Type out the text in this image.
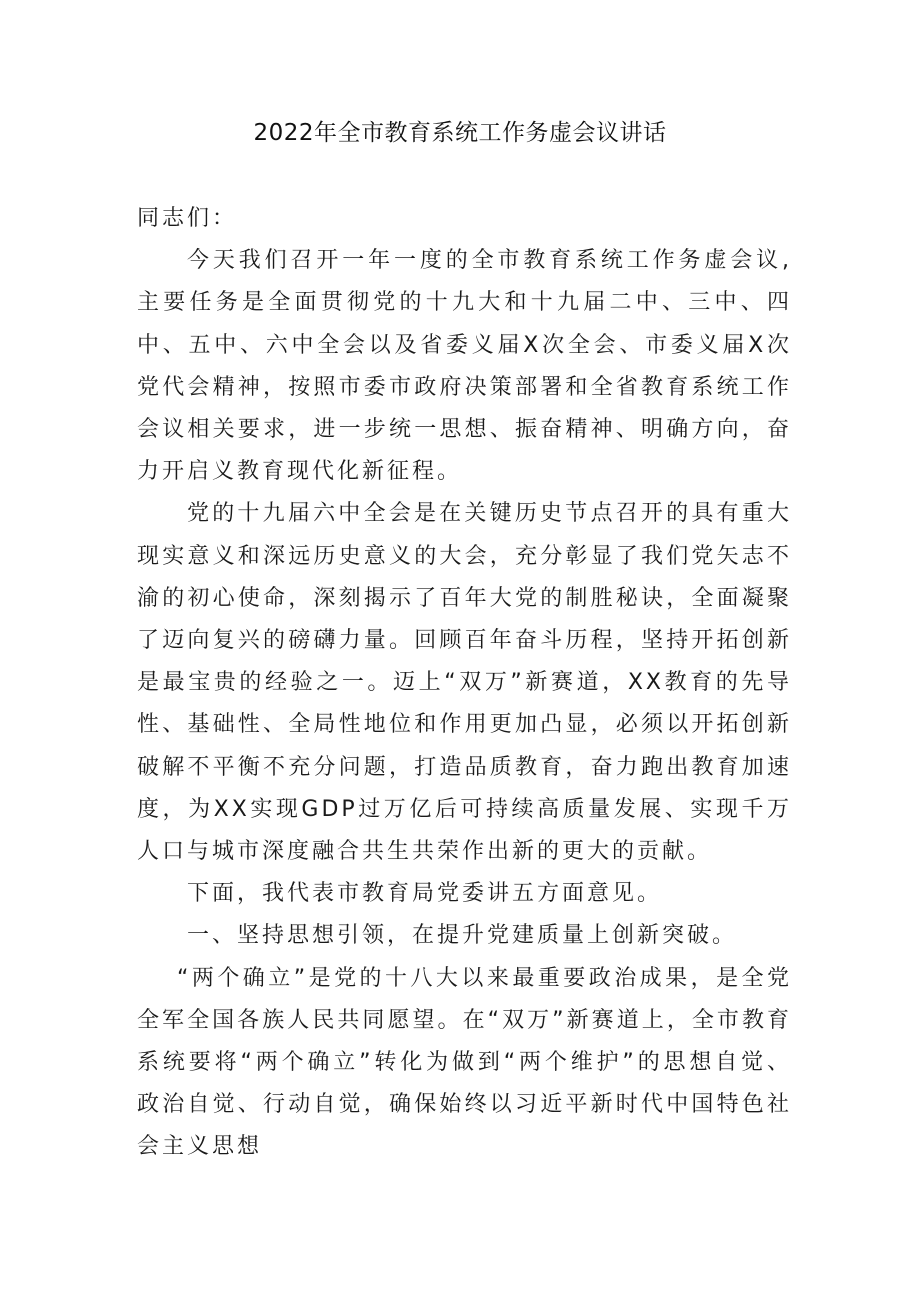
2022年全市教育系统工作务虚会议讲话

同志们：

今天我们召开一年一度的全市教育系统工作务虚会议,主要任务是全面贯彻党的十九大和十九届二中、三中、四中、五中、六中全会以及省委义届X次全会、市委义届X次党代会精神，按照市委市政府决策部署和全省教育系统工作会议相关要求，进一步统一思想、振奋精神、明确方向，奋力开启义教育现代化新征程。

党的十九届六中全会是在关键历史节点召开的具有重大现实意义和深远历史意义的大会，充分彰显了我们党矢志不渝的初心使命，深刻揭示了百年大党的制胜秘诀，全面凝聚了迈向复兴的磅礴力量。回顾百年奋斗历程，坚持开拓创新是最宝贵的经验之一。迈上“双万”新赛道，XX教育的先导性、基础性、全局性地位和作用更加凸显，必须以开拓创新破解不平衡不充分问题，打造品质教育，奋力跑出教育加速度，为XX实现GDP过万亿后可持续高质量发展、实现千万人口与城市深度融合共生共荣作出新的更大的贡献。

下面，我代表市教育局党委讲五方面意见。

一、坚持思想引领，在提升党建质量上创新突破。

“两个确立”是党的十八大以来最重要政治成果，是全党全军全国各族人民共同愿望。在“双万”新赛道上，全市教育系统要将“两个确立”转化为做到“两个维护”的思想自觉、政治自觉、行动自觉，确保始终以习近平新时代中国特色社会主义思想
